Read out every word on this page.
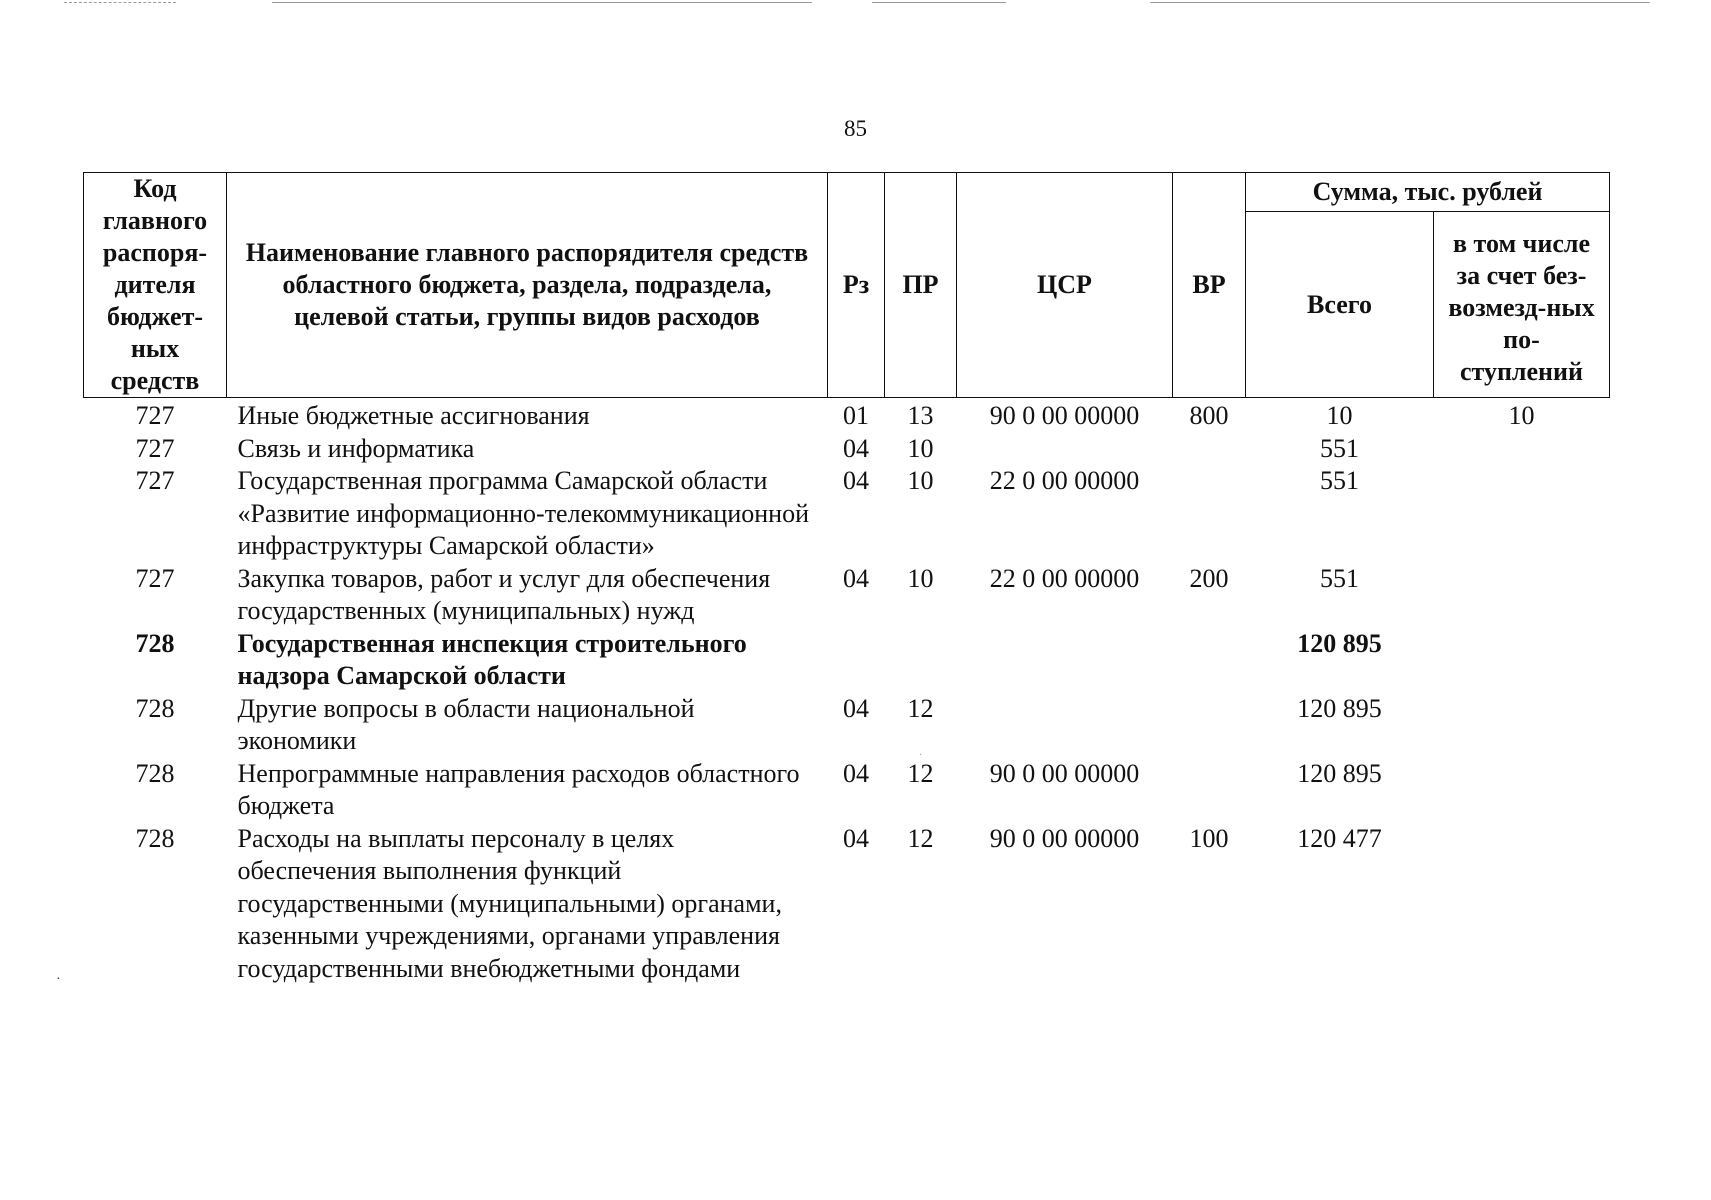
85
Код главного распоря-дителя бюджет-ных средств	Наименование главного распорядителя средств областного бюджета, раздела, подраздела, целевой статьи, группы видов расходов	Рз	ПР	ЦСР	ВР	Сумма, тыс. рублей	
						Всего	в том числе за счет без-возмезд-ных по-ступлений
727	Иные бюджетные ассигнования	01	13	90 0 00 00000	800	10	10
727	Связь и информатика	04	10			551	
727	Государственная программа Самарской области «Развитие информационно-телекоммуникационной инфраструктуры Самарской области»	04	10	22 0 00 00000		551	
727	Закупка товаров, работ и услуг для обеспечения государственных (муниципальных) нужд	04	10	22 0 00 00000	200	551	
728	Государственная инспекция строительного надзора Самарской области					120 895	
728	Другие вопросы в области национальной экономики	04	12			120 895	
728	Непрограммные направления расходов областного бюджета	04	12	90 0 00 00000		120 895	
728	Расходы на выплаты персоналу в целях обеспечения выполнения функций государственными (муниципальными) органами, казенными учреждениями, органами управления государственными внебюджетными фондами	04	12	90 0 00 00000	100	120 477	
·
·
